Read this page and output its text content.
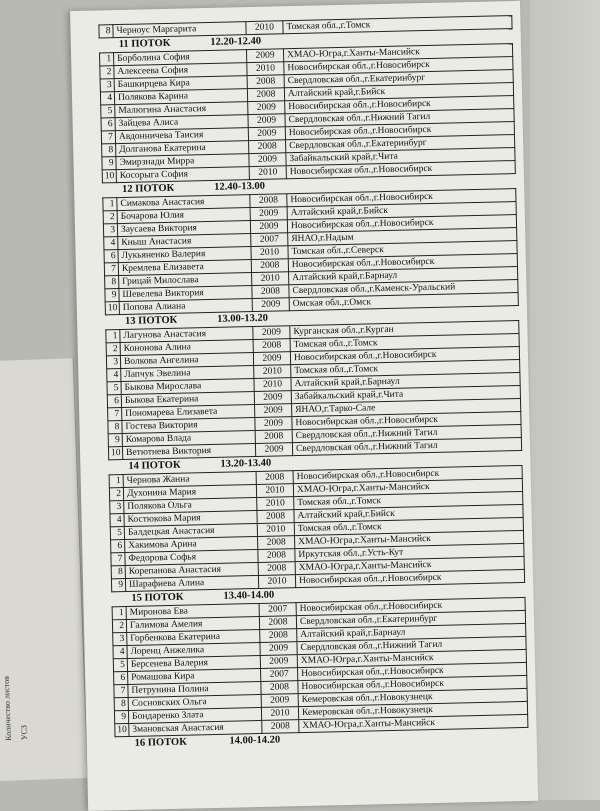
Количество листов УСЗ
8	Черноус Маргарита	2010	Томская обл.,г.Томск
11 ПОТОК	12.20-12.40
1	Борболина София	2009	ХМАО-Югра,г.Ханты-Мансийск
2	Алексеева София	2010	Новосибирская обл.,г.Новосибирск
3	Башкирцева Кира	2008	Свердловская обл.,г.Екатеринбург
4	Полякова Карина	2008	Алтайский край,г.Бийск
5	Малюгина Анастасия	2009	Новосибирская обл.,г.Новосибирск
6	Зайцева Алиса	2009	Свердловская обл.,г.Нижний Тагил
7	Авдонничева Таисия	2009	Новосибирская обл.,г.Новосибирск
8	Долганова Екатерина	2008	Свердловская обл.,г.Екатеринбург
9	Эмирзнади Мирра	2009	Забайкальский край,г.Чита
10	Косорыга София	2010	Новосибирская обл.,г.Новосибирск
12 ПОТОК	12.40-13.00
1	Симакова Анастасия	2008	Новосибирская обл.,г.Новосибирск
2	Бочарова Юлия	2009	Алтайский край,г.Бийск
3	Заусаева Виктория	2009	Новосибирская обл.,г.Новосибирск
4	Кныш Анастасия	2007	ЯНАО,г.Надым
6	Лукьяненко Валерия	2010	Томская обл.,г.Северск
7	Кремлева Елизавета	2008	Новосибирская обл.,г.Новосибирск
8	Грицай Милослава	2010	Алтайский край,г.Барнаул
9	Шевелева Виктория	2008	Свердловская обл.,г.Каменск-Уральский
10	Попова Алиана	2009	Омская обл.,г.Омск
13 ПОТОК	13.00-13.20
1	Лагунова Анастасия	2009	Курганская обл.,г.Курган
2	Кононова Алина	2008	Томская обл.,г.Томск
3	Волкова Ангелина	2009	Новосибирская обл.,г.Новосибирск
4	Лапчук Эвелина	2010	Томская обл.,г.Томск
5	Быкова Мирослава	2010	Алтайский край,г.Барнаул
6	Быкова Екатерина	2009	Забайкальский край,г.Чита
7	Пономарева Елизавета	2009	ЯНАО,г.Тарко-Сале
8	Гостева Виктория	2009	Новосибирская обл.,г.Новосибирск
9	Комарова Влада	2008	Свердловская обл.,г.Нижний Тагил
10	Ветютнева Виктория	2009	Свердловская обл.,г.Нижний Тагил
14 ПОТОК	13.20-13.40
1	Чернова Жанна	2008	Новосибирская обл.,г.Новосибирск
2	Духонина Мария	2010	ХМАО-Югра,г.Ханты-Мансийск
3	Полякова Ольга	2010	Томская обл.,г.Томск
4	Костюкова Мария	2008	Алтайский край,г.Бийск
5	Балдецкая Анастасия	2010	Томская обл.,г.Томск
6	Хакимова Арина	2008	ХМАО-Югра,г.Ханты-Мансийск
7	Федорова Софья	2008	Иркутская обл.,г.Усть-Кут
8	Корепанова Анастасия	2008	ХМАО-Югра,г.Ханты-Мансийск
9	Шарафиева Алина	2010	Новосибирская обл.,г.Новосибирск
15 ПОТОК	13.40-14.00
1	Миронова Ева	2007	Новосибирская обл.,г.Новосибирск
2	Галимова Амелия	2008	Свердловская обл.,г.Екатеринбург
3	Горбенкова Екатерина	2008	Алтайский край,г.Барнаул
4	Лоренц Анжелика	2009	Свердловская обл.,г.Нижний Тагил
5	Берсенева Валерия	2009	ХМАО-Югра,г.Ханты-Мансийск
6	Ромашова Кира	2007	Новосибирская обл.,г.Новосибирск
7	Петрунина Полина	2008	Новосибирская обл.,г.Новосибирск
8	Сосновских Ольга	2009	Кемеровская обл.,г.Новокузнецк
9	Бондаренко Злата	2010	Кемеровская обл.,г.Новокузнецк
10	Змановская Анастасия	2008	ХМАО-Югра,г.Ханты-Мансийск
16 ПОТОК	14.00-14.20
